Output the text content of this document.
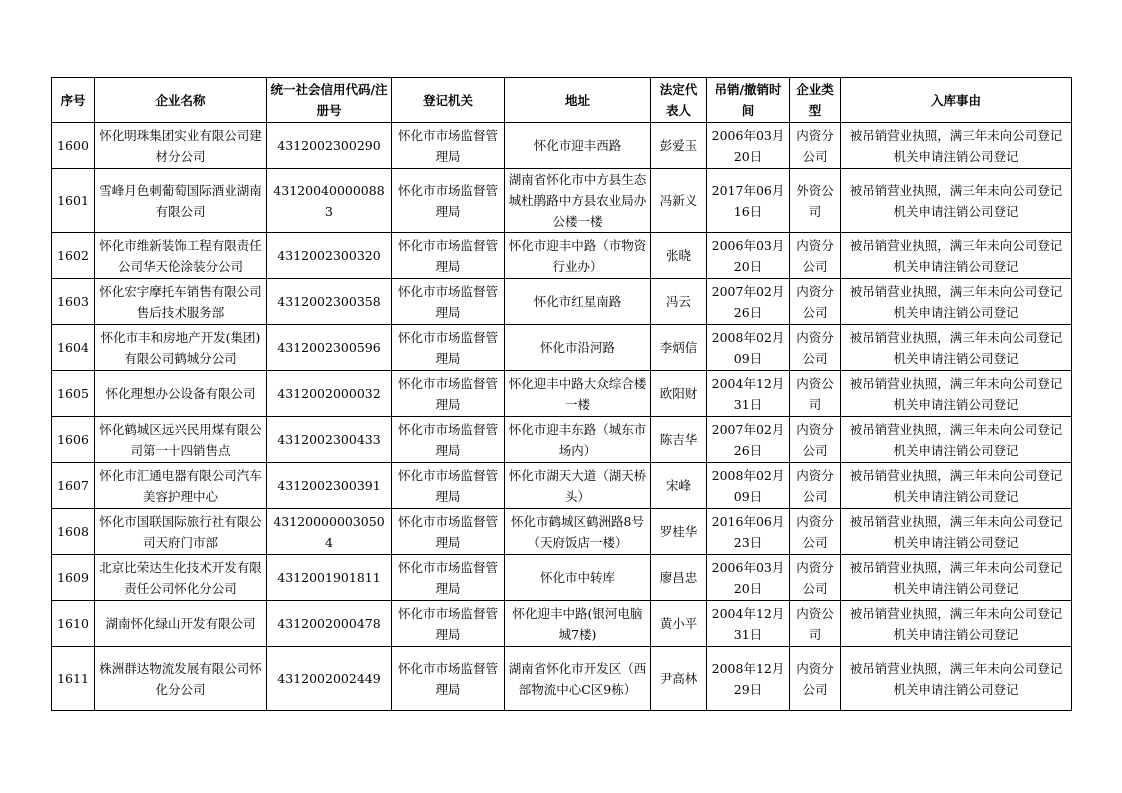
序号	企业名称	统一社会信用代码/注册号	登记机关	地址	法定代表人	吊销/撤销时间	企业类型	入库事由
1600	怀化明珠集团实业有限公司建材分公司	4312002300290	怀化市市场监督管理局	怀化市迎丰西路	彭爱玉	2006年03月20日	内资分公司	被吊销营业执照，满三年未向公司登记机关申请注销公司登记
1601	雪峰月色刺葡萄国际酒业湖南有限公司	431200400000883	怀化市市场监督管理局	湖南省怀化市中方县生态城杜鹃路中方县农业局办公楼一楼	冯新义	2017年06月16日	外资公司	被吊销营业执照，满三年未向公司登记机关申请注销公司登记
1602	怀化市维新装饰工程有限责任公司华天伦涂装分公司	4312002300320	怀化市市场监督管理局	怀化市迎丰中路（市物资行业办）	张晓	2006年03月20日	内资分公司	被吊销营业执照，满三年未向公司登记机关申请注销公司登记
1603	怀化宏宇摩托车销售有限公司售后技术服务部	4312002300358	怀化市市场监督管理局	怀化市红星南路	冯云	2007年02月26日	内资分公司	被吊销营业执照，满三年未向公司登记机关申请注销公司登记
1604	怀化市丰和房地产开发(集团)有限公司鹤城分公司	4312002300596	怀化市市场监督管理局	怀化市沿河路	李炳信	2008年02月09日	内资分公司	被吊销营业执照，满三年未向公司登记机关申请注销公司登记
1605	怀化理想办公设备有限公司	4312002000032	怀化市市场监督管理局	怀化迎丰中路大众综合楼一楼	欧阳财	2004年12月31日	内资公司	被吊销营业执照，满三年未向公司登记机关申请注销公司登记
1606	怀化鹤城区远兴民用煤有限公司第一十四销售点	4312002300433	怀化市市场监督管理局	怀化市迎丰东路（城东市场内）	陈吉华	2007年02月26日	内资分公司	被吊销营业执照，满三年未向公司登记机关申请注销公司登记
1607	怀化市汇通电器有限公司汽车美容护理中心	4312002300391	怀化市市场监督管理局	怀化市湖天大道（湖天桥头）	宋峰	2008年02月09日	内资分公司	被吊销营业执照，满三年未向公司登记机关申请注销公司登记
1608	怀化市国联国际旅行社有限公司天府门市部	431200000030504	怀化市市场监督管理局	怀化市鹤城区鹤洲路8号（天府饭店一楼）	罗桂华	2016年06月23日	内资分公司	被吊销营业执照，满三年未向公司登记机关申请注销公司登记
1609	北京比荣达生化技术开发有限责任公司怀化分公司	4312001901811	怀化市市场监督管理局	怀化市中转库	廖昌忠	2006年03月20日	内资分公司	被吊销营业执照，满三年未向公司登记机关申请注销公司登记
1610	湖南怀化绿山开发有限公司	4312002000478	怀化市市场监督管理局	怀化迎丰中路(银河电脑城7楼)	黄小平	2004年12月31日	内资公司	被吊销营业执照，满三年未向公司登记机关申请注销公司登记
1611	株洲群达物流发展有限公司怀化分公司	4312002002449	怀化市市场监督管理局	湖南省怀化市开发区（西部物流中心C区9栋）	尹高林	2008年12月29日	内资分公司	被吊销营业执照，满三年未向公司登记机关申请注销公司登记
